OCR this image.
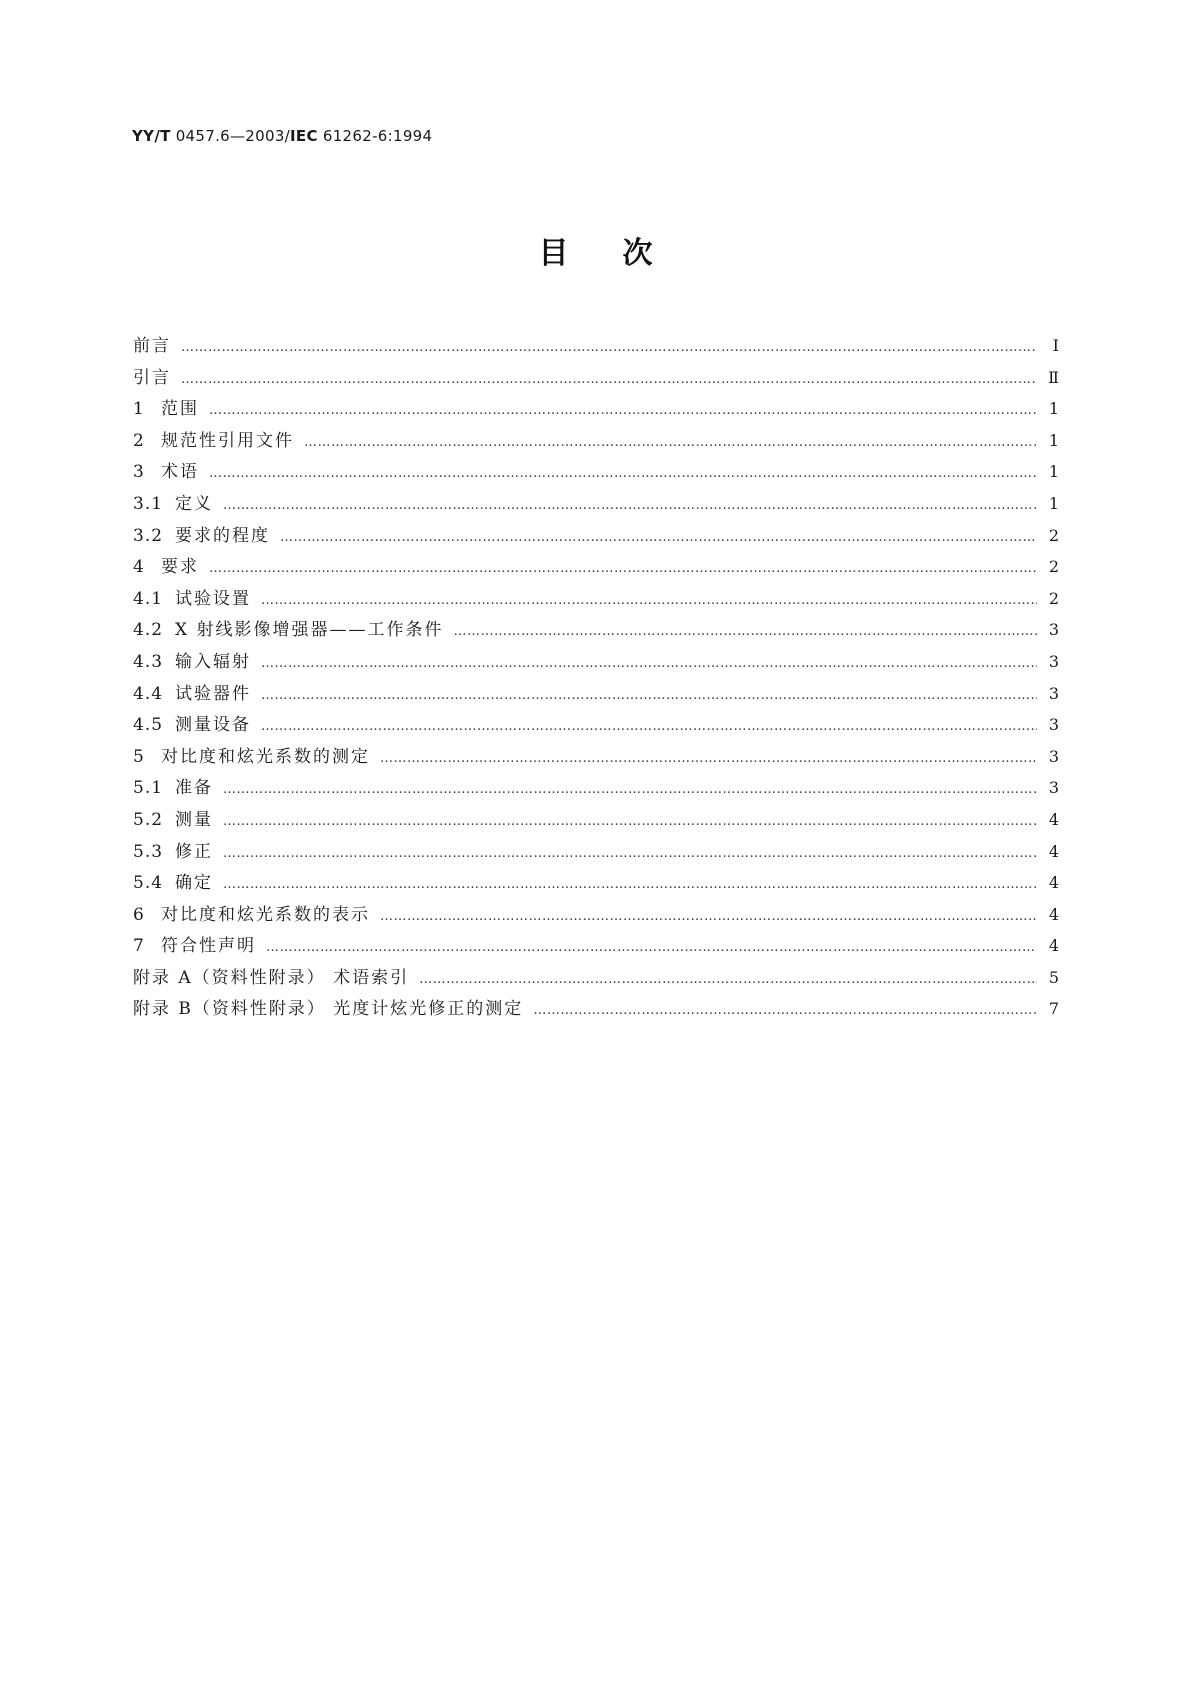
YY/T 0457.6—2003/IEC 61262-6:1994
目次
前言 …………………………………………………………………………………………………………………………………………………………………………………………………………………	I
引言 …………………………………………………………………………………………………………………………………………………………………………………………………………………	Ⅱ
1 范围 …………………………………………………………………………………………………………………………………………………………………………………………………………………	1
2 规范性引用文件 …………………………………………………………………………………………………………………………………………………………………………………………………………………	1
3 术语 …………………………………………………………………………………………………………………………………………………………………………………………………………………	1
3.1 定义 …………………………………………………………………………………………………………………………………………………………………………………………………………………	1
3.2 要求的程度 …………………………………………………………………………………………………………………………………………………………………………………………………………………	2
4 要求 …………………………………………………………………………………………………………………………………………………………………………………………………………………	2
4.1 试验设置 …………………………………………………………………………………………………………………………………………………………………………………………………………………	2
4.2 X 射线影像增强器——工作条件 …………………………………………………………………………………………………………………………………………………………………………………………………………………	3
4.3 输入辐射 …………………………………………………………………………………………………………………………………………………………………………………………………………………	3
4.4 试验器件 …………………………………………………………………………………………………………………………………………………………………………………………………………………	3
4.5 测量设备 …………………………………………………………………………………………………………………………………………………………………………………………………………………	3
5 对比度和炫光系数的测定 …………………………………………………………………………………………………………………………………………………………………………………………………………………	3
5.1 准备 …………………………………………………………………………………………………………………………………………………………………………………………………………………	3
5.2 测量 …………………………………………………………………………………………………………………………………………………………………………………………………………………	4
5.3 修正 …………………………………………………………………………………………………………………………………………………………………………………………………………………	4
5.4 确定 …………………………………………………………………………………………………………………………………………………………………………………………………………………	4
6 对比度和炫光系数的表示 …………………………………………………………………………………………………………………………………………………………………………………………………………………	4
7 符合性声明 …………………………………………………………………………………………………………………………………………………………………………………………………………………	4
附录 A（资料性附录） 术语索引 …………………………………………………………………………………………………………………………………………………………………………………………………………………	5
附录 B（资料性附录） 光度计炫光修正的测定 …………………………………………………………………………………………………………………………………………………………………………………………………………………	7
